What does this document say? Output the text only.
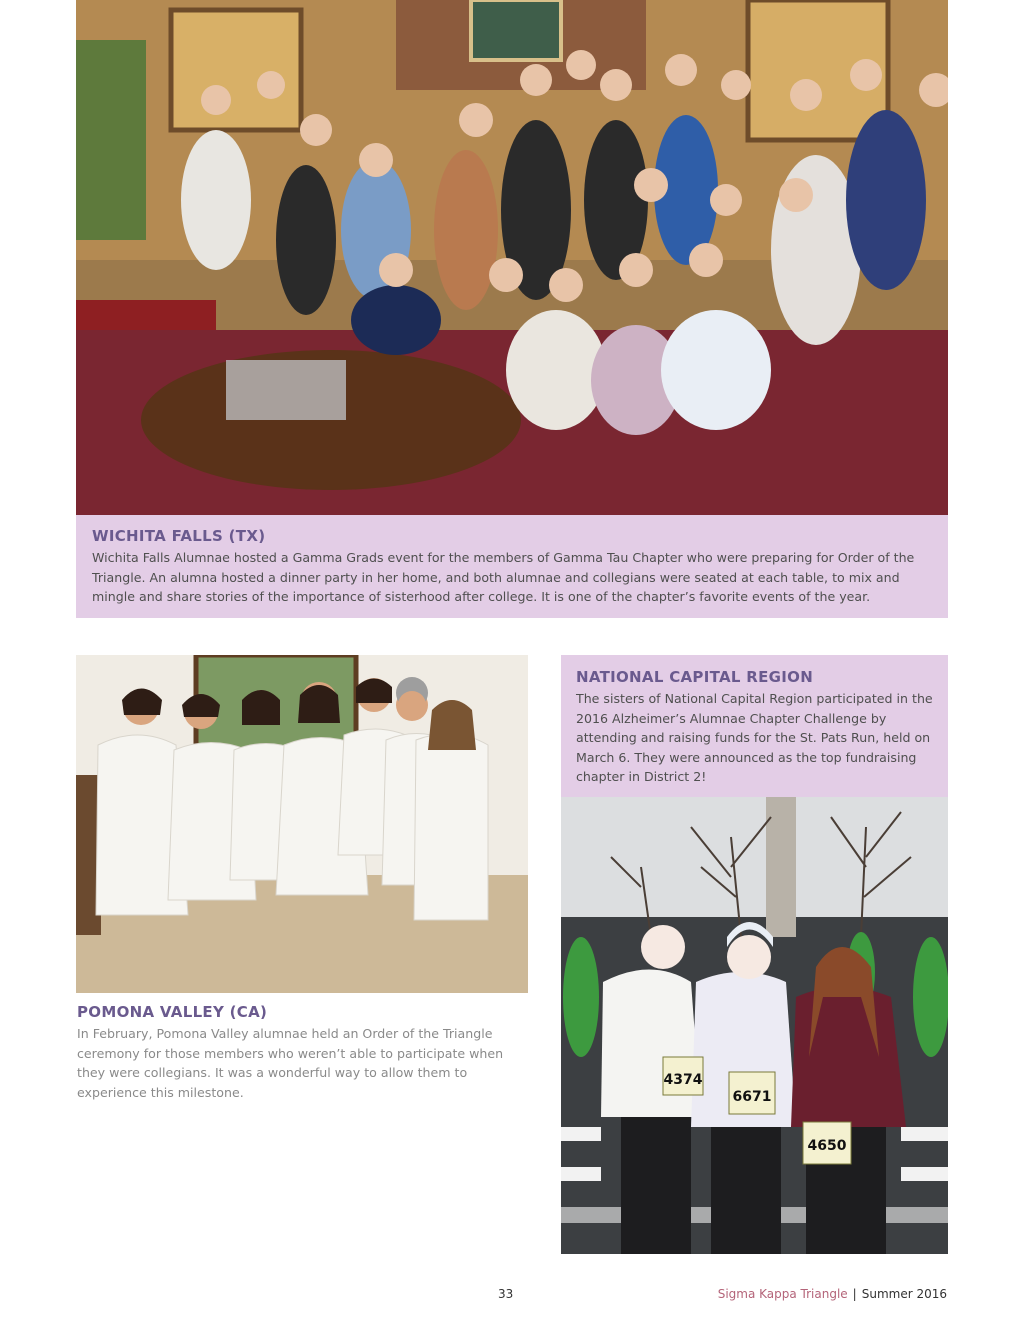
WICHITA FALLS (TX)
Wichita Falls Alumnae hosted a Gamma Grads event for the members of Gamma Tau Chapter who were preparing for Order of the Triangle. An alumna hosted a dinner party in her home, and both alumnae and collegians were seated at each table, to mix and mingle and share stories of the importance of sisterhood after college. It is one of the chapter’s favorite events of the year.
POMONA VALLEY (CA)
In February, Pomona Valley alumnae held an Order of the Triangle ceremony for those members who weren’t able to participate when they were collegians. It was a wonderful way to allow them to experience this milestone.
NATIONAL CAPITAL REGION
The sisters of National Capital Region participated in the 2016 Alzheimer’s Alumnae Chapter Challenge by attending and raising funds for the St. Pats Run, held on March 6. They were announced as the top fundraising chapter in District 2!
4374
6671
4650
33	Sigma Kappa Triangle | Summer 2016
